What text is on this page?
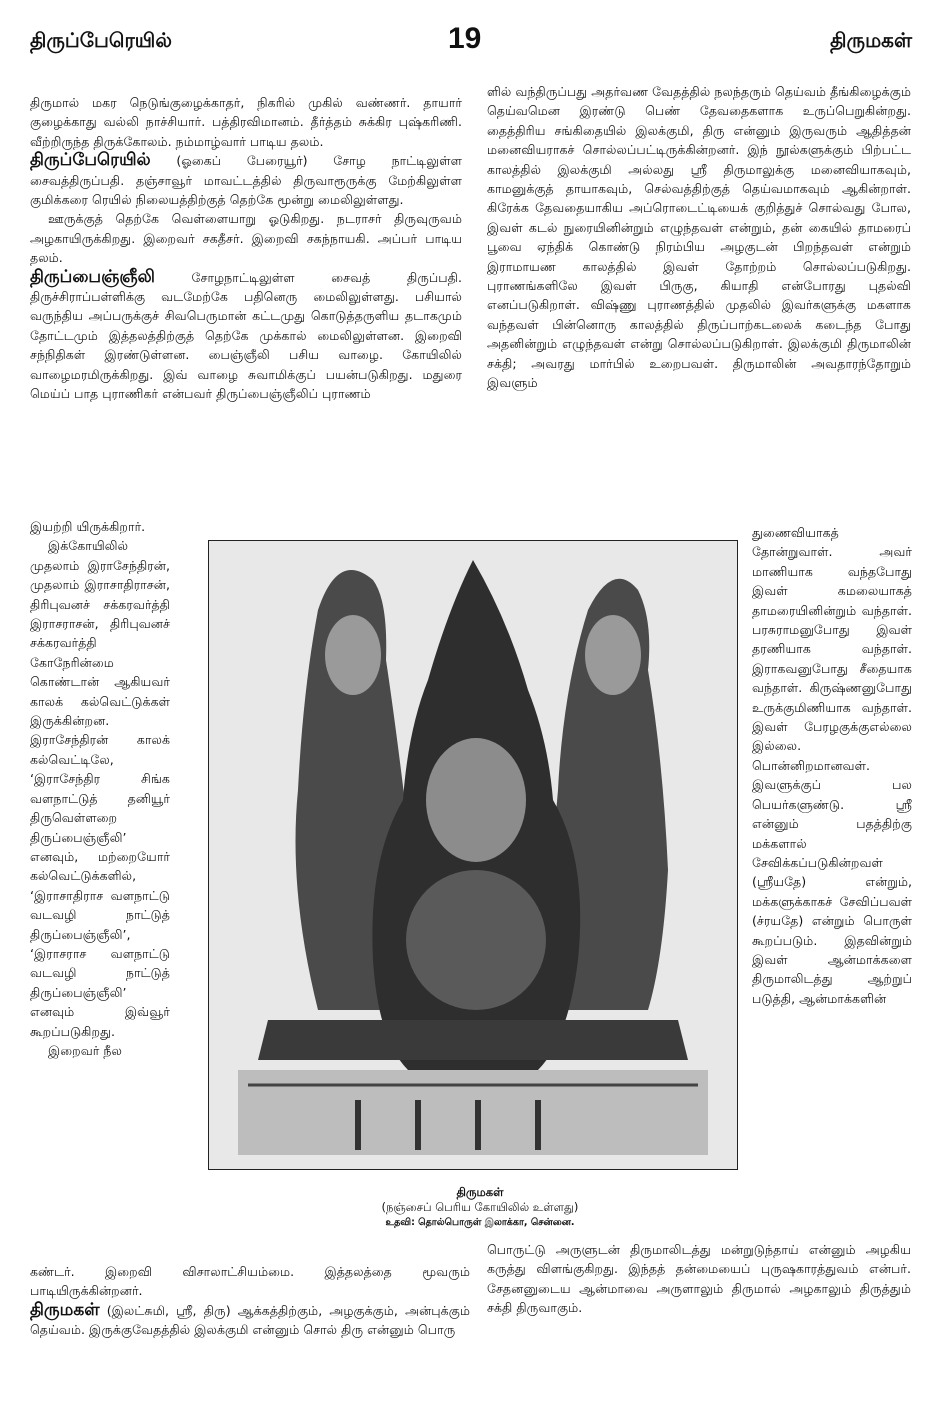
திருப்பேரெயில்	19	திருமகள்

திருமால் மகர நெடுங்குழைக்காதர், நிகரில் முகில் வண்ணர். தாயார் குழைக்காது வல்லி நாச்சியார். பத்திரவிமானம். தீர்த்தம் சுக்கிர புஷ்கரிணி. வீற்றிருந்த திருக்கோலம். நம்மாழ்வார் பாடிய தலம்.

திருப்பேரெயில் (ஓகைப் பேரையூர்) சோழ நாட்டிலுள்ள சைவத்திருப்பதி. தஞ்சாவூர் மாவட்டத்தில் திருவாரூருக்கு மேற்கிலுள்ள குமிக்கரை ரெயில் நிலையத்திற்குத் தெற்கே மூன்று மைலிலுள்ளது.

ஊருக்குத் தெற்கே வெள்ளையாறு ஓடுகிறது. நடராசர் திருவுருவம் அழகாயிருக்கிறது. இறைவர் சகதீசர். இறைவி சகந்நாயகி. அப்பர் பாடிய தலம்.

திருப்பைஞ்ஞீலி சோழநாட்டிலுள்ள சைவத் திருப்பதி. திருச்சிராப்பள்ளிக்கு வடமேற்கே பதினெரு மைலிலுள்ளது. பசியால் வருந்திய அப்பருக்குச் சிவபெருமான் கட்டமுது கொடுத்தருளிய தடாகமும் தோட்டமும் இத்தலத்திற்குத் தெற்கே முக்கால் மைலிலுள்ளன. இறைவி சந்நிதிகள் இரண்டுள்ளன. பைஞ்ஞீலி பசிய வாழை. கோயிலில் வாழைமரமிருக்கிறது. இவ் வாழை சுவாமிக்குப் பயன்படுகிறது. மதுரை மெய்ப் பாத புராணிகர் என்பவர் திருப்பைஞ்ஞீலிப் புராணம்

ளில் வந்திருப்பது அதர்வண வேதத்தில் நலந்தரும் தெய்வம் தீங்கிழைக்கும் தெய்வமென இரண்டு பெண் தேவதைகளாக உருப்பெறுகின்றது. தைத்திரிய சங்கிதையில் இலக்குமி, திரு என்னும் இருவரும் ஆதித்தன் மனைவியராகச் சொல்லப்பட்டிருக்கின்றனர். இந் நூல்களுக்கும் பிற்பட்ட காலத்தில் இலக்குமி அல்லது ஸ்ரீ திருமாலுக்கு மனைவியாகவும், காமனுக்குத் தாயாகவும், செல்வத்திற்குத் தெய்வமாகவும் ஆகின்றாள். கிரேக்க தேவதையாகிய அப்ரொடைட்டியைக் குறித்துச் சொல்வது போல, இவள் கடல் நுரையினின்றும் எழுந்தவள் என்றும், தன் கையில் தாமரைப் பூவை ஏந்திக் கொண்டு நிரம்பிய அழகுடன் பிறந்தவள் என்றும் இராமாயண காலத்தில் இவள் தோற்றம் சொல்லப்படுகிறது. புராணங்களிலே இவள் பிருகு, கியாதி என்போரது புதல்வி எனப்படுகிறாள். விஷ்ணு புராணத்தில் முதலில் இவர்களுக்கு மகளாக வந்தவள் பின்னொரு காலத்தில் திருப்பாற்கடலைக் கடைந்த போது அதனின்றும் எழுந்தவள் என்று சொல்லப்படுகிறாள். இலக்குமி திருமாலின் சக்தி; அவரது மார்பில் உறைபவள். திருமாலின் அவதாரந்தோறும் இவளும்

இயற்றி யிருக்கிறார்.

இக்கோயிலில் முதலாம் இராசேந்திரன், முதலாம் இராசாதிராசன், திரிபுவனச் சக்கரவர்த்தி இராசராசன், திரிபுவனச் சக்கரவர்த்தி கோநேரின்மை கொண்டான் ஆகியவர் காலக் கல்வெட்டுக்கள் இருக்கின்றன. இராசேந்திரன் காலக் கல்வெட்டிலே, ‘இராசேந்திர சிங்க வளநாட்டுத் தனியூர் திருவெள்ளறை திருப்பைஞ்ஞீலி’ எனவும், மற்றையோர் கல்வெட்டுக்களில், ‘இராசாதிராச வளநாட்டு வடவழி நாட்டுத் திருப்பைஞ்ஞீலி’, ‘இராசராச வளநாட்டு வடவழி நாட்டுத் திருப்பைஞ்ஞீலி’ எனவும் இவ்வூர் கூறப்படுகிறது.

இறைவர் நீல

துணைவியாகத் தோன்றுவாள். அவர் மாணியாக வந்தபோது இவள் கமலையாகத் தாமரையினின்றும் வந்தாள். பரசுராமனுபோது இவள் தரணியாக வந்தாள். இராகவனுபோது சீதையாக வந்தாள். கிருஷ்ணனுபோது உருக்குமிணியாக வந்தாள். இவள் பேரழகுக்குஎல்லை இல்லை. பொன்னிறமானவள். இவளுக்குப் பல பெயர்களுண்டு. ஸ்ரீ என்னும் பதத்திற்கு மக்களால் சேவிக்கப்படுகின்றவள் (ஸ்ரீயதே) என்றும், மக்களுக்காகச் சேவிப்பவள் (ச்ரயதே) என்றும் பொருள் கூறப்படும். இதவின்றும் இவள் ஆன்மாக்களை திருமாலிடத்து ஆற்றுப் படுத்தி, ஆன்மாக்களின்

திருமகள்
(நஞ்சைப் பெரிய கோயிலில் உள்ளது)
உதவி: தொல்பொருள் இலாக்கா, சென்னை.

கண்டர். இறைவி விசாலாட்சியம்மை. இத்தலத்தை மூவரும் பாடியிருக்கின்றனர்.

திருமகள் (இலட்சுமி, ஸ்ரீ, திரு) ஆக்கத்திற்கும், அழகுக்கும், அன்புக்கும் தெய்வம். இருக்குவேதத்தில் இலக்குமி என்னும் சொல் திரு என்னும் பொரு

பொருட்டு அருளுடன் திருமாலிடத்து மன்றுடுந்தாய் என்னும் அழகிய கருத்து விளங்குகிறது. இந்தத் தன்மையைப் புருஷகாரத்துவம் என்பர். சேதனனுடைய ஆன்மாவை அருளாலும் திருமால் அழகாலும் திருத்தும் சக்தி திருவாகும்.
